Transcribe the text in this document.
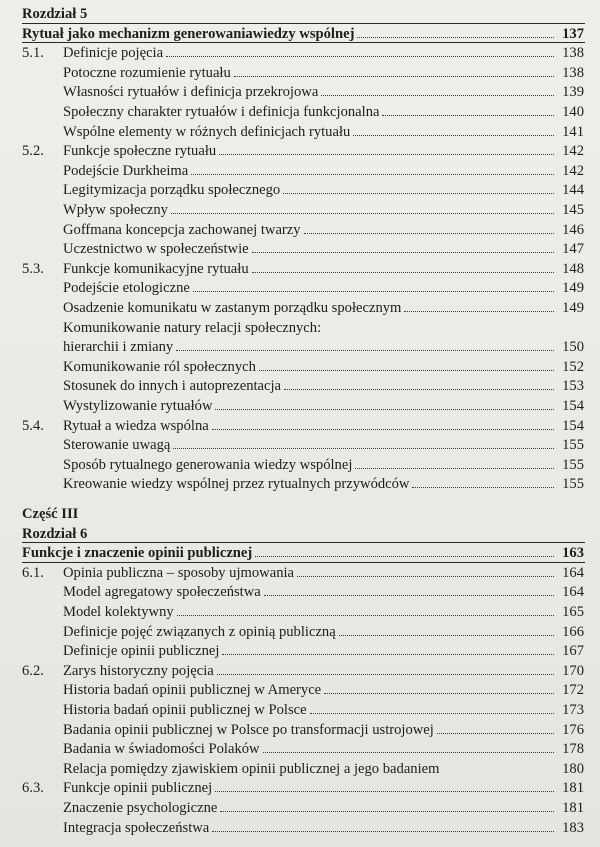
Rozdział 5
Rytuał jako mechanizm generowaniawiedzy wspólnej	137
5.1. Definicje pojęcia	138
Potoczne rozumienie rytuału	138
Własności rytuałów i definicja przekrojowa	139
Społeczny charakter rytuałów i definicja funkcjonalna	140
Wspólne elementy w różnych definicjach rytuału	141
5.2. Funkcje społeczne rytuału	142
Podejście Durkheima	142
Legitymizacja porządku społecznego	144
Wpływ społeczny	145
Goffmana koncepcja zachowanej twarzy	146
Uczestnictwo w społeczeństwie	147
5.3. Funkcje komunikacyjne rytuału	148
Podejście etologiczne	149
Osadzenie komunikatu w zastanym porządku społecznym	149
Komunikowanie natury relacji społecznych:
hierarchii i zmiany	150
Komunikowanie ról społecznych	152
Stosunek do innych i autoprezentacja	153
Wystylizowanie rytuałów	154
5.4. Rytuał a wiedza wspólna	154
Sterowanie uwagą	155
Sposób rytualnego generowania wiedzy wspólnej	155
Kreowanie wiedzy wspólnej przez rytualnych przywódców	155
Część III
Rozdział 6
Funkcje i znaczenie opinii publicznej	163
6.1. Opinia publiczna – sposoby ujmowania	164
Model agregatowy społeczeństwa	164
Model kolektywny	165
Definicje pojęć związanych z opinią publiczną	166
Definicje opinii publicznej	167
6.2. Zarys historyczny pojęcia	170
Historia badań opinii publicznej w Ameryce	172
Historia badań opinii publicznej w Polsce	173
Badania opinii publicznej w Polsce po transformacji ustrojowej	176
Badania w świadomości Polaków	178
Relacja pomiędzy zjawiskiem opinii publicznej a jego badaniem	180
6.3. Funkcje opinii publicznej	181
Znaczenie psychologiczne	181
Integracja społeczeństwa	183
